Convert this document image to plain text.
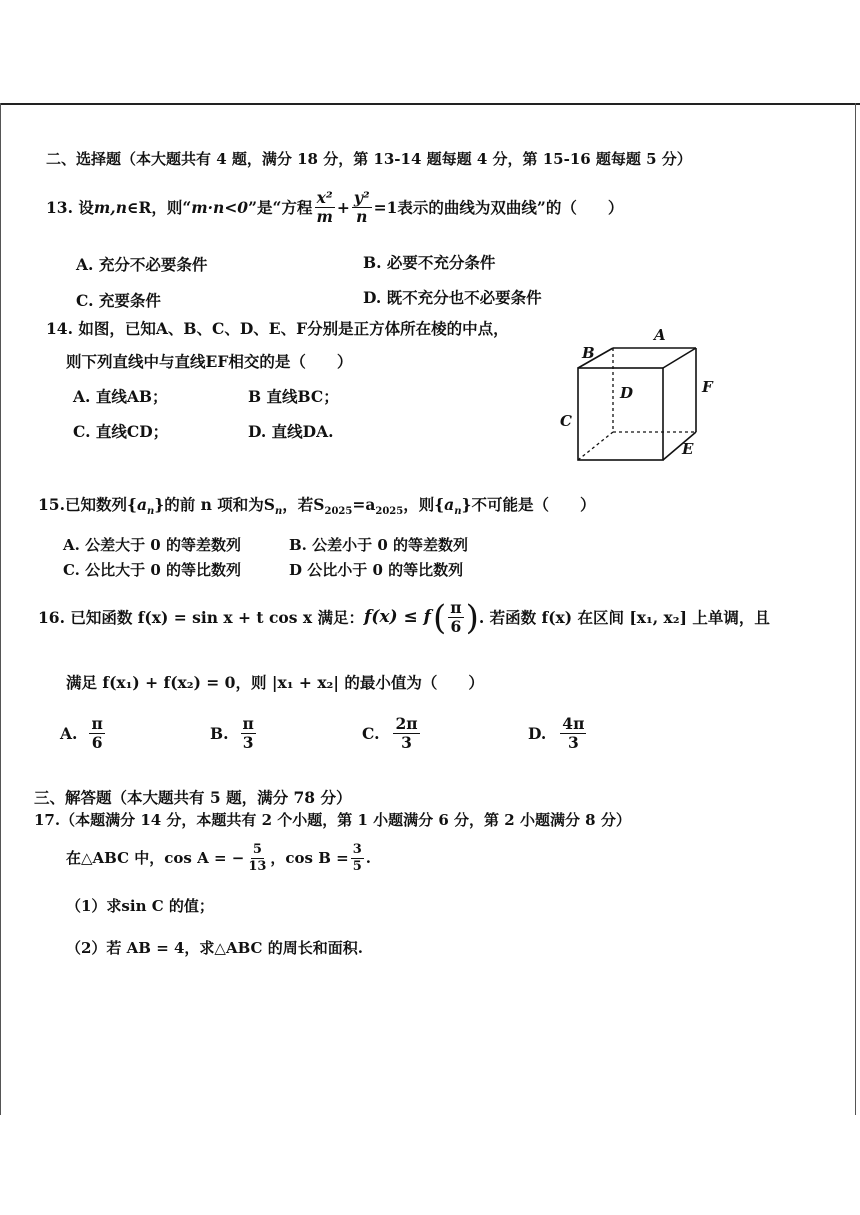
二、选择题（本大题共有 4 题，满分 18 分，第 13-14 题每题 4 分，第 15-16 题每题 5 分）
13.
设 m,n ∈R，则“ m·n<0 ”是“方程 $\frac{\text{x²}}{m} + \frac{\text{y²}}{n} =1$ 表示的曲线为双曲线”的（　　）
A. 充分不必要条件	B. 必要不充分条件
C. 充要条件	D. 既不充分也不必要条件
14. 如图，已知A、B、C、D、E、F分别是正方体所在棱的中点，
则下列直线中与直线EF相交的是（　　）
A. 直线AB；	B 直线BC；
C. 直线CD；	D. 直线DA.
A
B
C
D
E
F
15.已知数列$\{a_n\}$的前 n 项和为$S_n$，若$S_{2025}=a_{2025}$，则$\{a_n\}$不可能是（　　）
A. 公差大于 0 的等差数列	B. 公差小于 0 的等差数列
C. 公比大于 0 的等比数列	D 公比小于 0 的等比数列
16. 已知函数 f(x) = sin x + t cos x 满足： f(x) ≤ f ( $\frac{\pi}{6}$ ) . 若函数 f(x) 在区间 [x₁, x₂] 上单调，且
满足 f(x₁) + f(x₂) = 0，则 |x₁ + x₂| 的最小值为（　　）
A. $\frac{\pi}{6}$	B. $\frac{\pi}{3}$	C. $\frac{2\pi}{3}$	D. $\frac{4\pi}{3}$
三、解答题（本大题共有 5 题，满分 78 分）
17.（本题满分 14 分，本题共有 2 个小题，第 1 小题满分 6 分，第 2 小题满分 8 分）
在△ABC 中，cos A = − $\frac{5}{13}$ ，$\cos B = \frac{3}{5}$ .
（1）求sin C 的值；
（2）若 AB = 4，求△ABC 的周长和面积.
